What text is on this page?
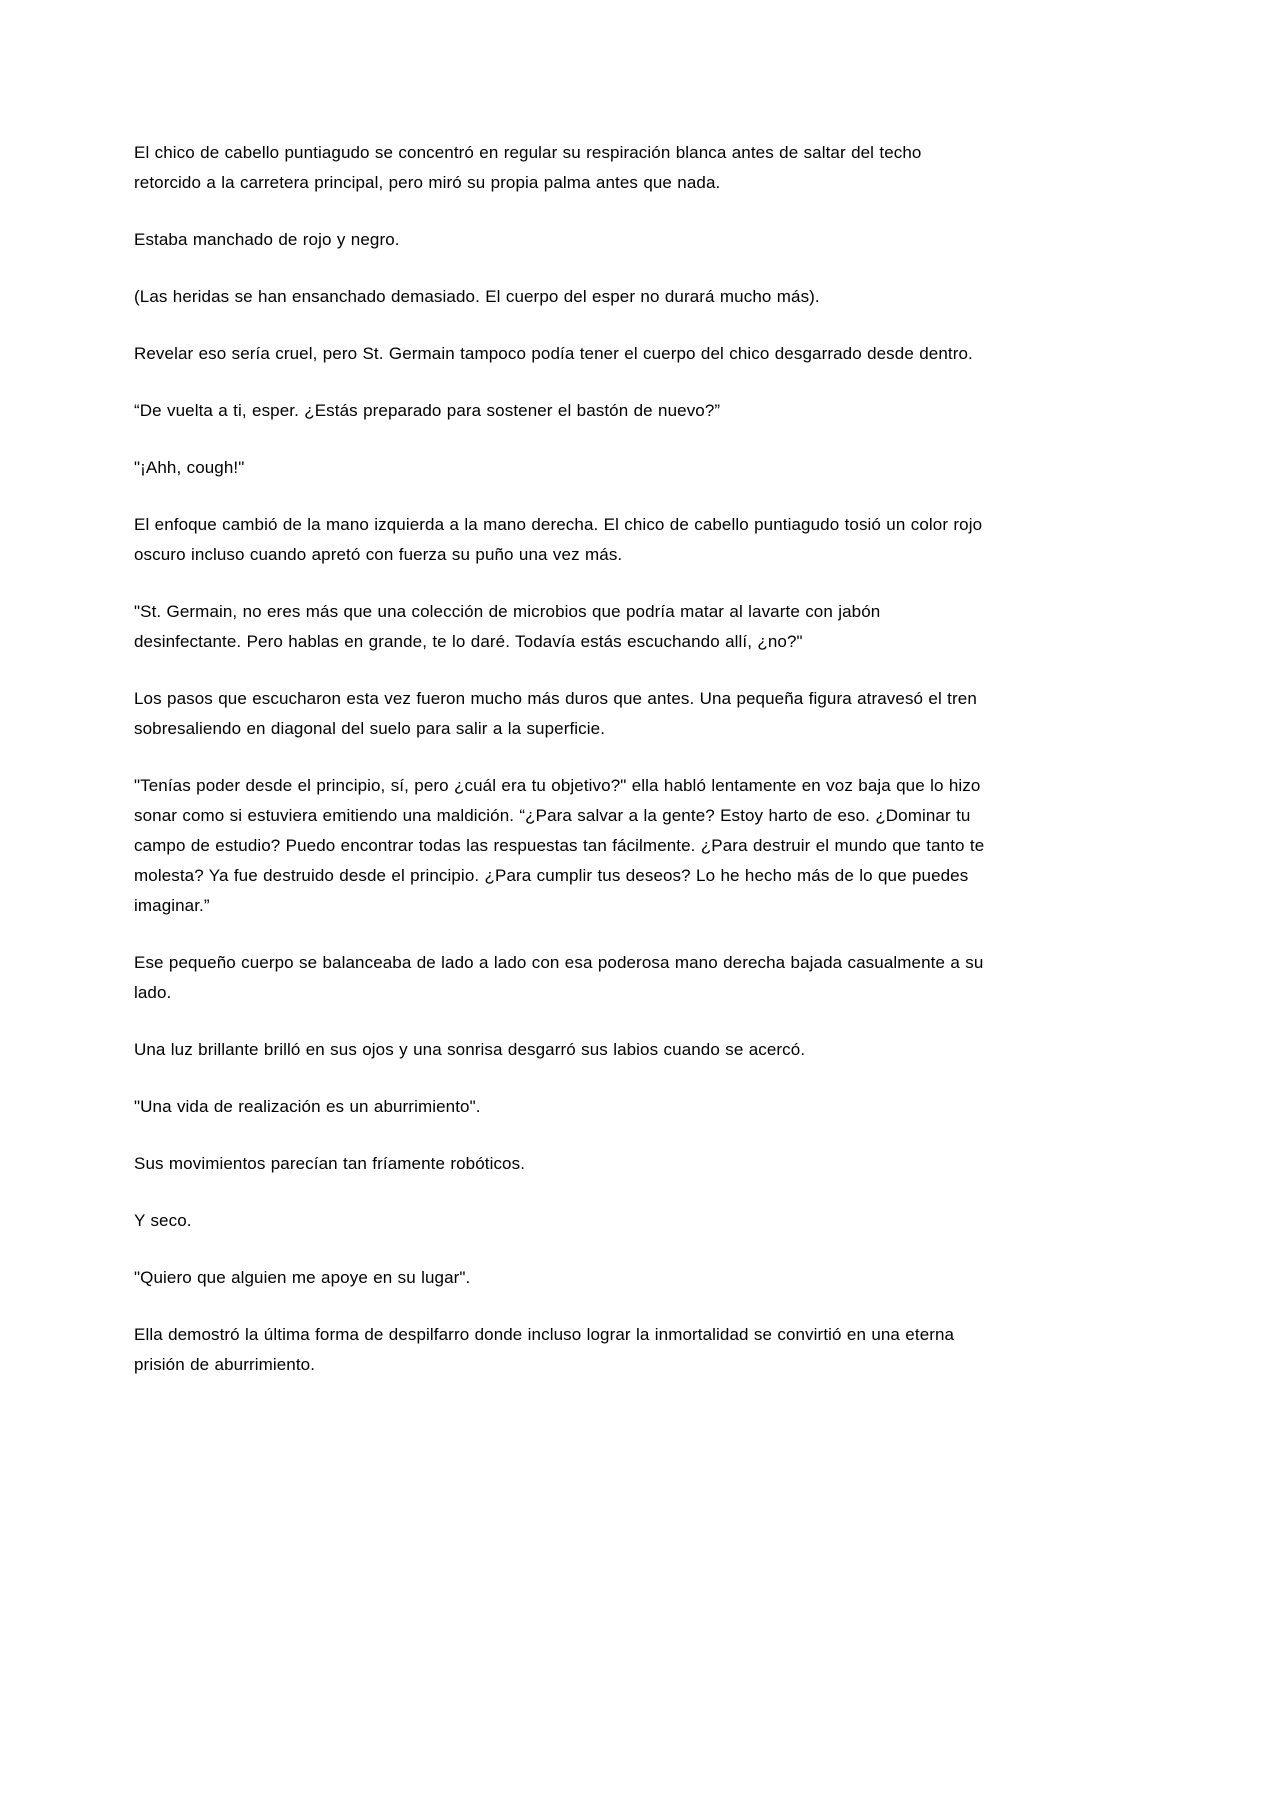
El chico de cabello puntiagudo se concentró en regular su respiración blanca antes de saltar del techo retorcido a la carretera principal, pero miró su propia palma antes que nada.

Estaba manchado de rojo y negro.

(Las heridas se han ensanchado demasiado. El cuerpo del esper no durará mucho más).

Revelar eso sería cruel, pero St. Germain tampoco podía tener el cuerpo del chico desgarrado desde dentro.

“De vuelta a ti, esper. ¿Estás preparado para sostener el bastón de nuevo?”

"¡Ahh, cough!"

El enfoque cambió de la mano izquierda a la mano derecha. El chico de cabello puntiagudo tosió un color rojo oscuro incluso cuando apretó con fuerza su puño una vez más.

"St. Germain, no eres más que una colección de microbios que podría matar al lavarte con jabón desinfectante. Pero hablas en grande, te lo daré. Todavía estás escuchando allí, ¿no?"

Los pasos que escucharon esta vez fueron mucho más duros que antes. Una pequeña figura atravesó el tren sobresaliendo en diagonal del suelo para salir a la superficie.

"Tenías poder desde el principio, sí, pero ¿cuál era tu objetivo?" ella habló lentamente en voz baja que lo hizo sonar como si estuviera emitiendo una maldición. “¿Para salvar a la gente? Estoy harto de eso. ¿Dominar tu campo de estudio? Puedo encontrar todas las respuestas tan fácilmente. ¿Para destruir el mundo que tanto te molesta? Ya fue destruido desde el principio. ¿Para cumplir tus deseos? Lo he hecho más de lo que puedes imaginar.”

Ese pequeño cuerpo se balanceaba de lado a lado con esa poderosa mano derecha bajada casualmente a su lado.

Una luz brillante brilló en sus ojos y una sonrisa desgarró sus labios cuando se acercó.

"Una vida de realización es un aburrimiento".

Sus movimientos parecían tan fríamente robóticos.

Y seco.

"Quiero que alguien me apoye en su lugar".

Ella demostró la última forma de despilfarro donde incluso lograr la inmortalidad se convirtió en una eterna prisión de aburrimiento.
